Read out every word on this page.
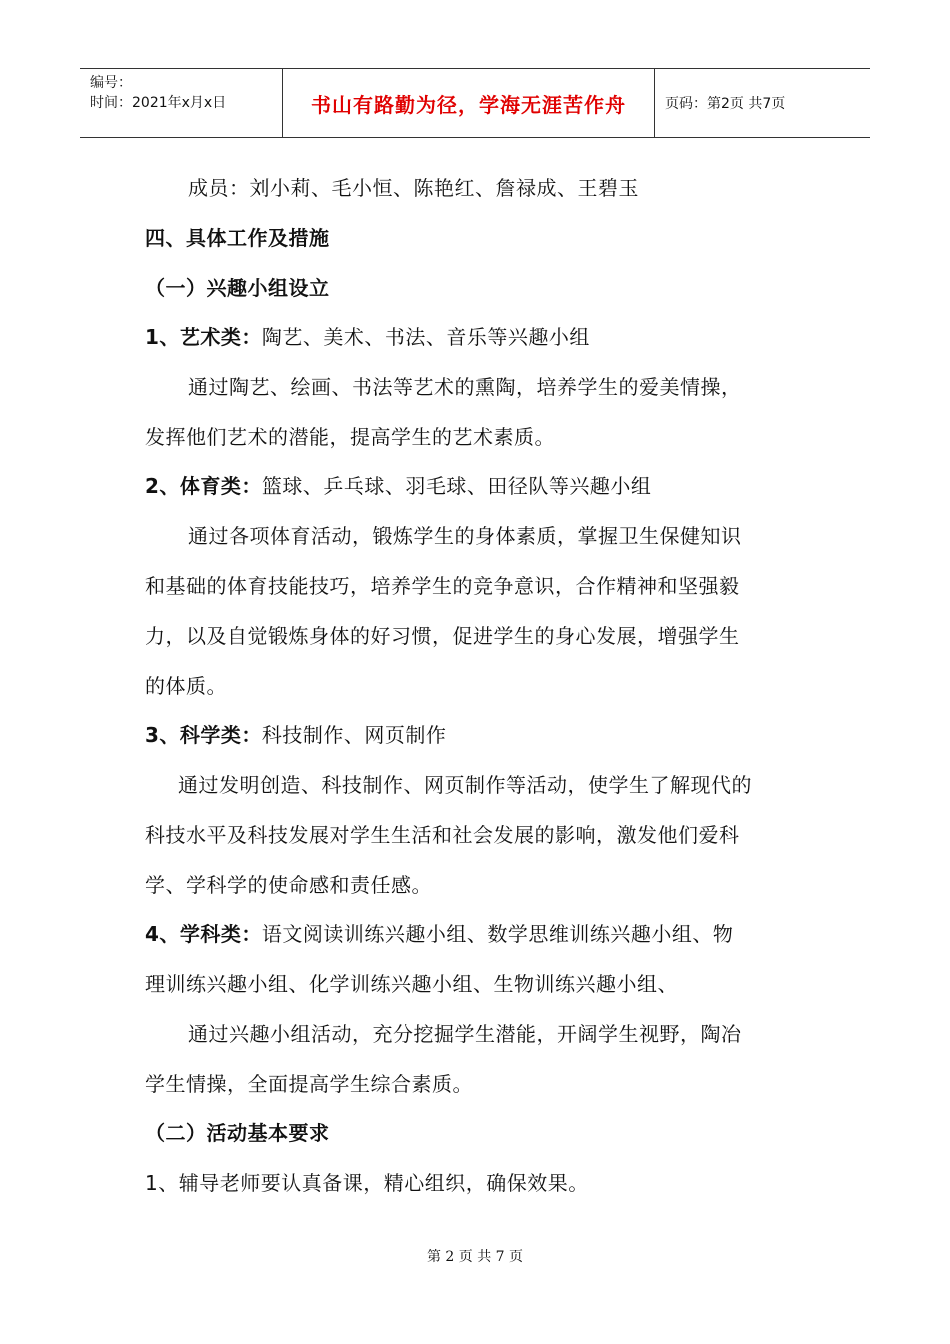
编号：
时间：2021年x月x日	书山有路勤为径，学海无涯苦作舟	页码：第2页 共7页
成员：刘小莉、毛小恒、陈艳红、詹禄成、王碧玉
四、具体工作及措施
（一）兴趣小组设立
1、艺术类：陶艺、美术、书法、音乐等兴趣小组
通过陶艺、绘画、书法等艺术的熏陶，培养学生的爱美情操，
发挥他们艺术的潜能，提高学生的艺术素质。
2、体育类：篮球、乒乓球、羽毛球、田径队等兴趣小组
通过各项体育活动，锻炼学生的身体素质，掌握卫生保健知识
和基础的体育技能技巧，培养学生的竞争意识，合作精神和坚强毅
力，以及自觉锻炼身体的好习惯，促进学生的身心发展，增强学生
的体质。
3、科学类：科技制作、网页制作
通过发明创造、科技制作、网页制作等活动，使学生了解现代的
科技水平及科技发展对学生生活和社会发展的影响，激发他们爱科
学、学科学的使命感和责任感。
4、学科类：语文阅读训练兴趣小组、数学思维训练兴趣小组、物
理训练兴趣小组、化学训练兴趣小组、生物训练兴趣小组、
通过兴趣小组活动，充分挖掘学生潜能，开阔学生视野，陶冶
学生情操，全面提高学生综合素质。
（二）活动基本要求
1、辅导老师要认真备课，精心组织，确保效果。
第 2 页 共 7 页
